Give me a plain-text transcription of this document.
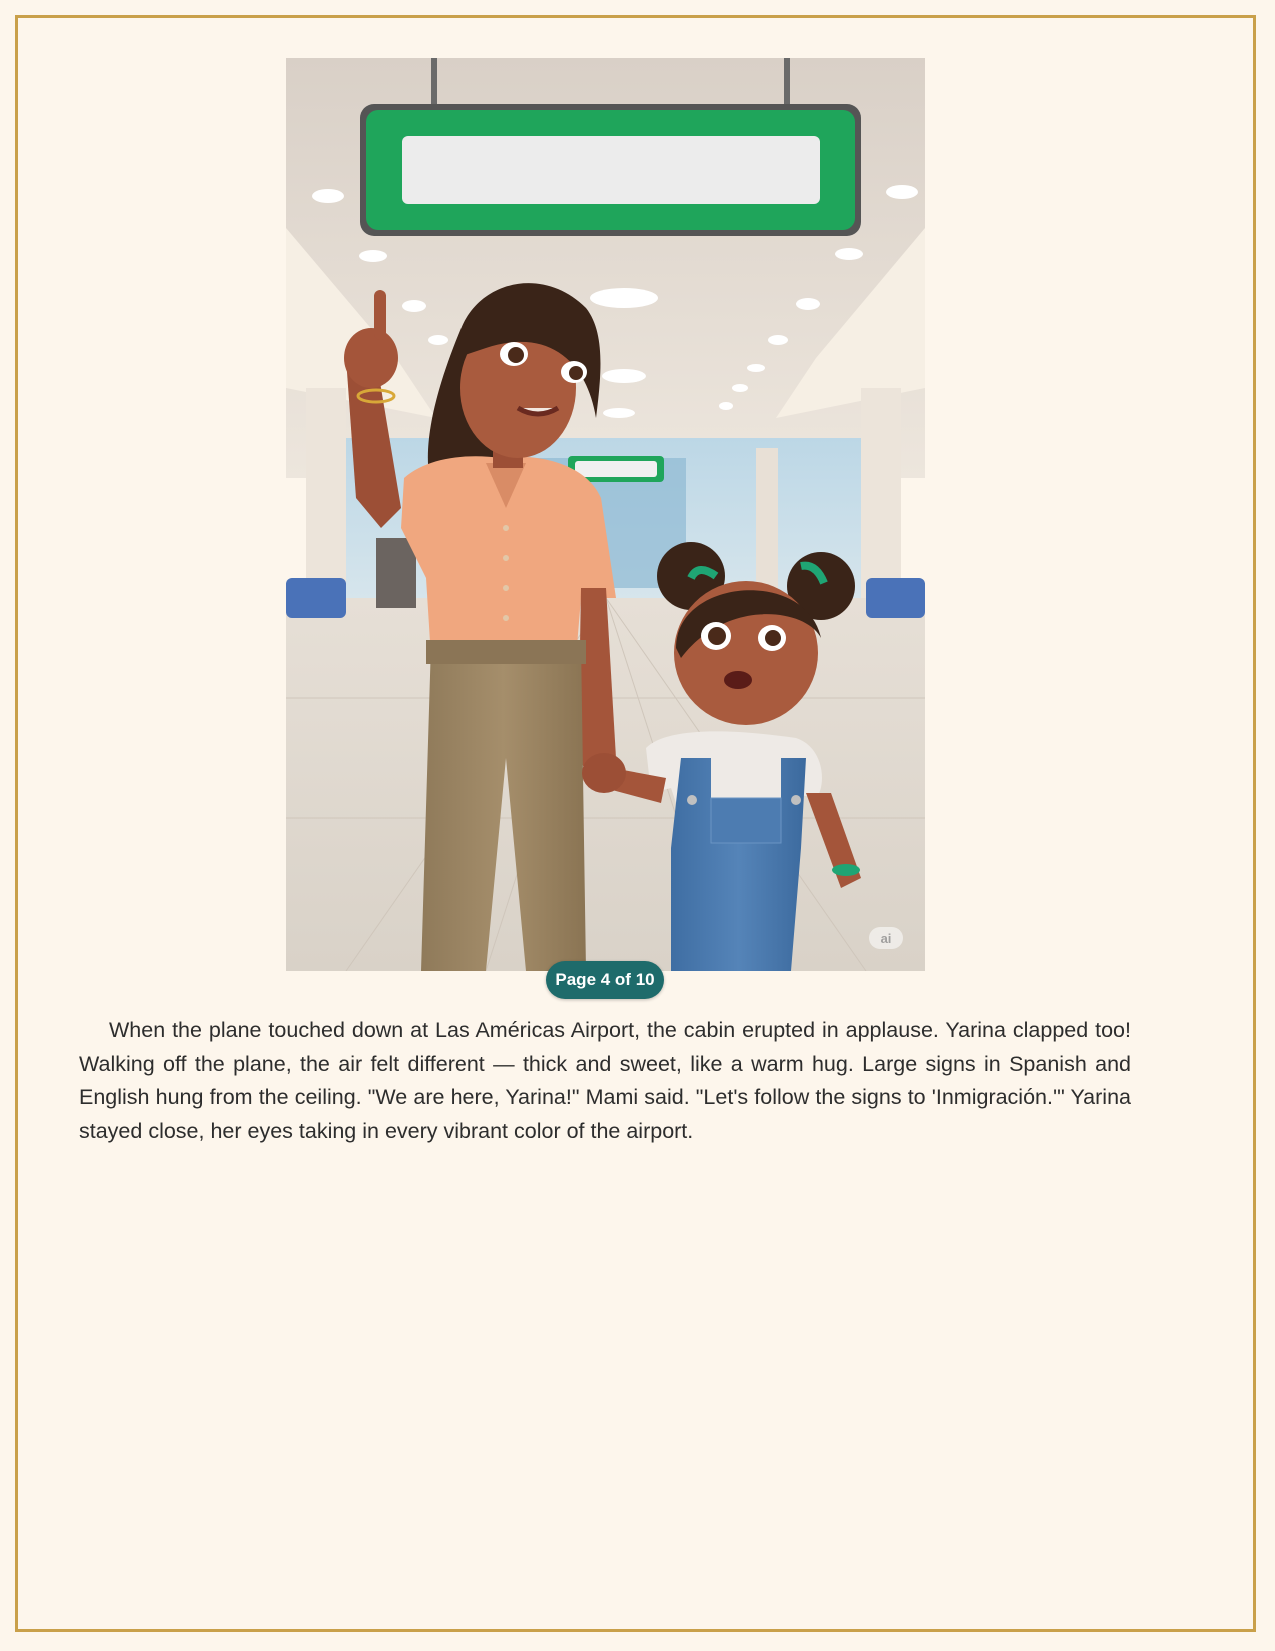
ai
Page 4 of 10

When the plane touched down at Las Américas Airport, the cabin erupted in applause. Yarina clapped too! Walking off the plane, the air felt different — thick and sweet, like a warm hug. Large signs in Spanish and English hung from the ceiling. "We are here, Yarina!" Mami said. "Let's follow the signs to 'Inmigración.'" Yarina stayed close, her eyes taking in every vibrant color of the airport.
